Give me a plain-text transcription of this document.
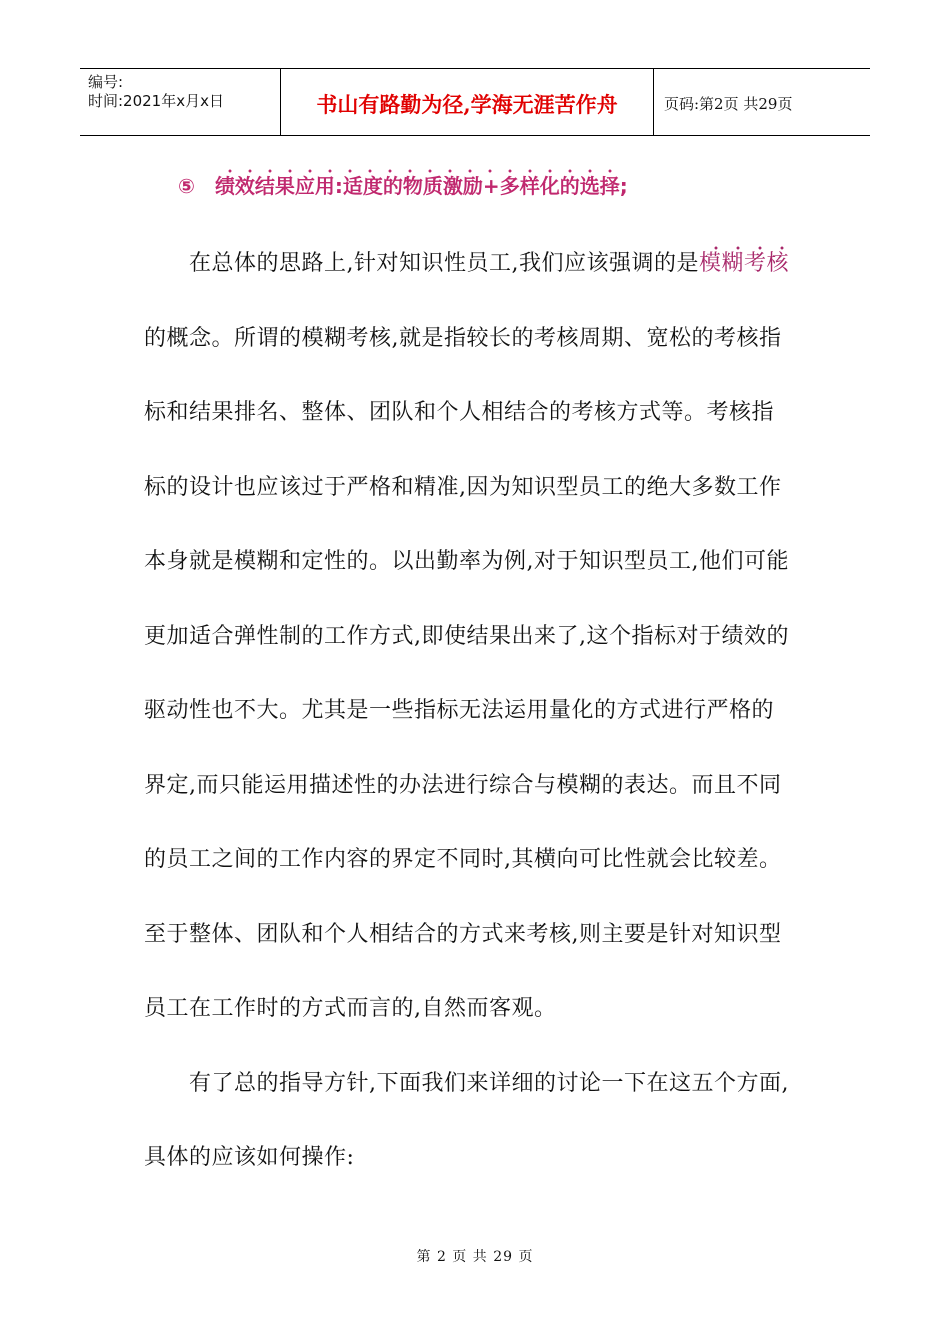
编号:
时间:2021年x月x日	书山有路勤为径,学海无涯苦作舟	页码:第2页 共29页
⑤ 绩效结果应用:适度的物质激励+多样化的选择;

在总体的思路上,针对知识性员工,我们应该强调的是模糊考核的概念。所谓的模糊考核,就是指较长的考核周期、宽松的考核指标和结果排名、整体、团队和个人相结合的考核方式等。考核指标的设计也应该过于严格和精准,因为知识型员工的绝大多数工作本身就是模糊和定性的。以出勤率为例,对于知识型员工,他们可能更加适合弹性制的工作方式,即使结果出来了,这个指标对于绩效的驱动性也不大。尤其是一些指标无法运用量化的方式进行严格的界定,而只能运用描述性的办法进行综合与模糊的表达。而且不同的员工之间的工作内容的界定不同时,其横向可比性就会比较差。至于整体、团队和个人相结合的方式来考核,则主要是针对知识型员工在工作时的方式而言的,自然而客观。

有了总的指导方针,下面我们来详细的讨论一下在这五个方面,具体的应该如何操作:

第 2 页 共 29 页
